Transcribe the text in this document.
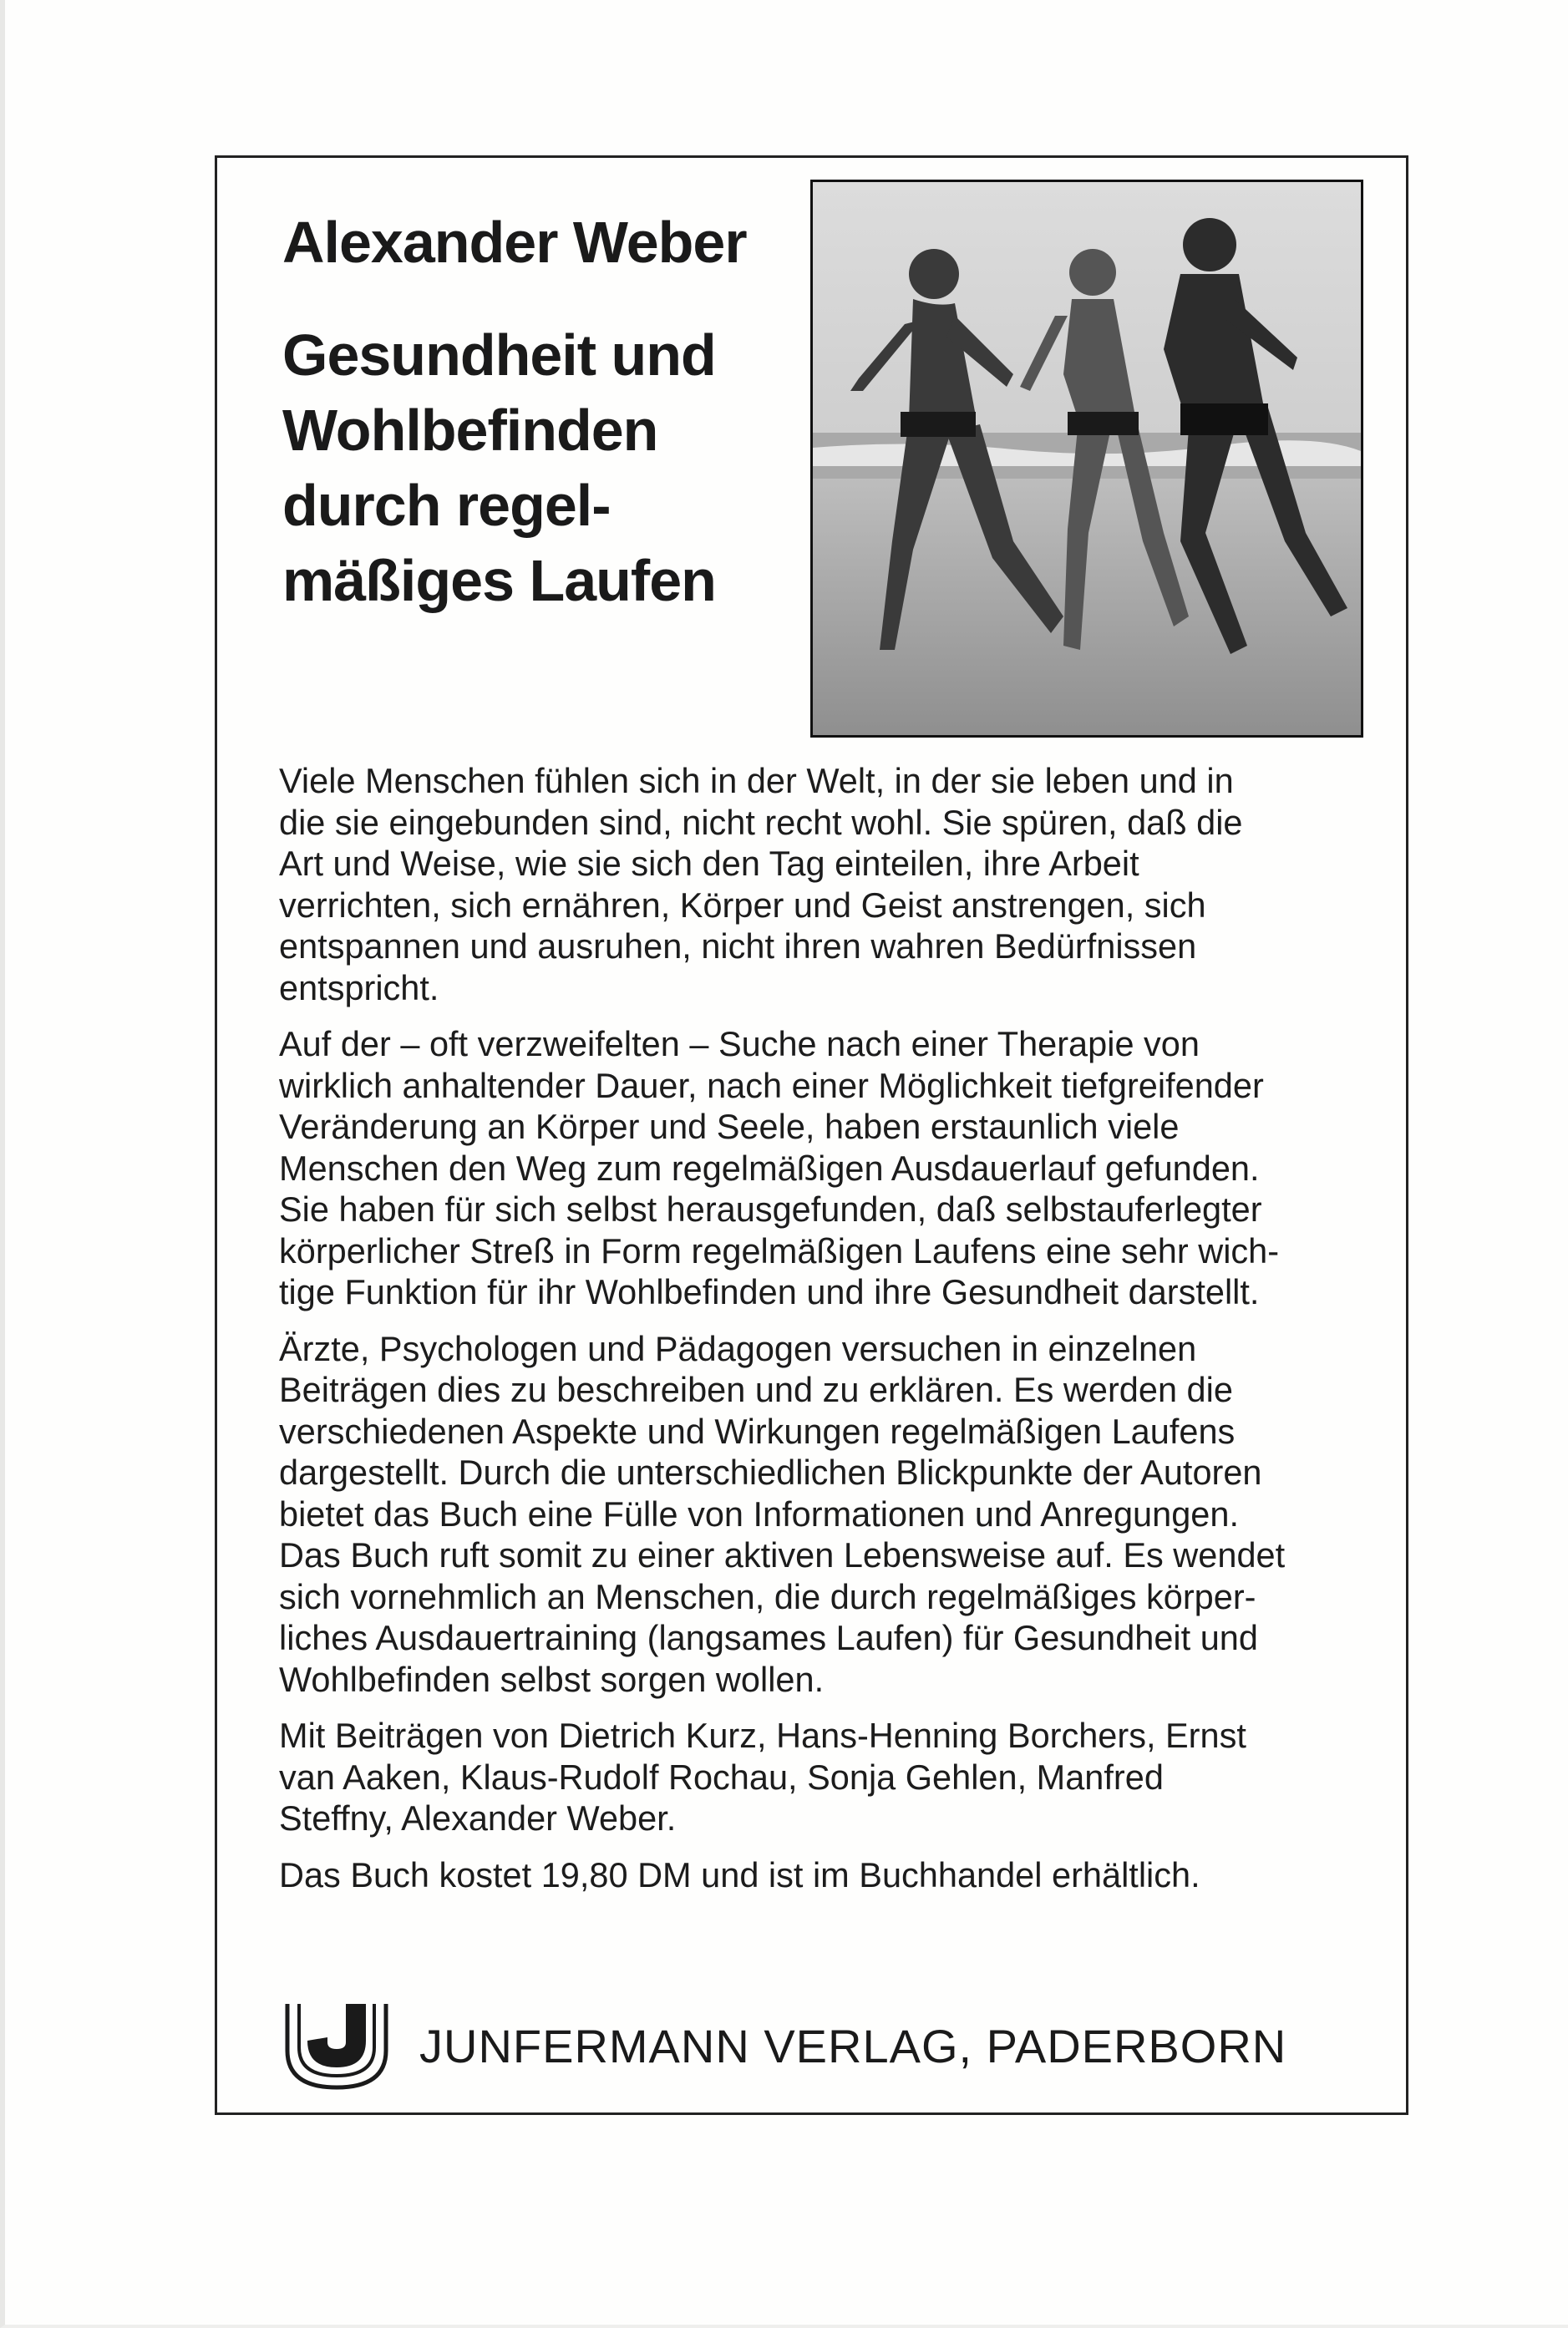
Alexander Weber
Gesundheit und
Wohlbefinden
durch regel-
mäßiges Laufen

Viele Menschen fühlen sich in der Welt, in der sie leben und in
die sie eingebunden sind, nicht recht wohl. Sie spüren, daß die
Art und Weise, wie sie sich den Tag einteilen, ihre Arbeit
verrichten, sich ernähren, Körper und Geist anstrengen, sich
entspannen und ausruhen, nicht ihren wahren Bedürfnissen
entspricht.

Auf der – oft verzweifelten – Suche nach einer Therapie von
wirklich anhaltender Dauer, nach einer Möglichkeit tiefgreifender
Veränderung an Körper und Seele, haben erstaunlich viele
Menschen den Weg zum regelmäßigen Ausdauerlauf gefunden.
Sie haben für sich selbst herausgefunden, daß selbstauferlegter
körperlicher Streß in Form regelmäßigen Laufens eine sehr wich-
tige Funktion für ihr Wohlbefinden und ihre Gesundheit darstellt.

Ärzte, Psychologen und Pädagogen versuchen in einzelnen
Beiträgen dies zu beschreiben und zu erklären. Es werden die
verschiedenen Aspekte und Wirkungen regelmäßigen Laufens
dargestellt. Durch die unterschiedlichen Blickpunkte der Autoren
bietet das Buch eine Fülle von Informationen und Anregungen.
Das Buch ruft somit zu einer aktiven Lebensweise auf. Es wendet
sich vornehmlich an Menschen, die durch regelmäßiges körper-
liches Ausdauertraining (langsames Laufen) für Gesundheit und
Wohlbefinden selbst sorgen wollen.

Mit Beiträgen von Dietrich Kurz, Hans-Henning Borchers, Ernst
van Aaken, Klaus-Rudolf Rochau, Sonja Gehlen, Manfred
Steffny, Alexander Weber.

Das Buch kostet 19,80 DM und ist im Buchhandel erhältlich.

JUNFERMANN VERLAG, PADERBORN
